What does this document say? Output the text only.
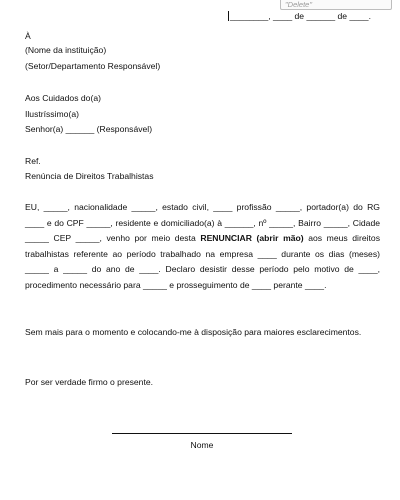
"Delete"
________, ____ de ______ de ____.
À
(Nome da instituição)
(Setor/Departamento Responsável)
Aos Cuidados do(a)
Ilustríssimo(a)
Senhor(a) ______ (Responsável)
Ref.
Renúncia de Direitos Trabalhistas
EU, _____, nacionalidade _____, estado civil, ____ profissão _____, portador(a) do RG ____ e do CPF _____, residente e domiciliado(a) à ______, nº _____, Bairro _____, Cidade _____ CEP _____, venho por meio desta RENUNCIAR (abrir mão) aos meus direitos trabalhistas referente ao período trabalhado na empresa ____ durante os dias (meses) _____ a _____ do ano de ____. Declaro desistir desse período pelo motivo de ____, procedimento necessário para _____ e prosseguimento de ____ perante ____.
Sem mais para o momento e colocando-me à disposição para maiores esclarecimentos.
Por ser verdade firmo o presente.
Nome
